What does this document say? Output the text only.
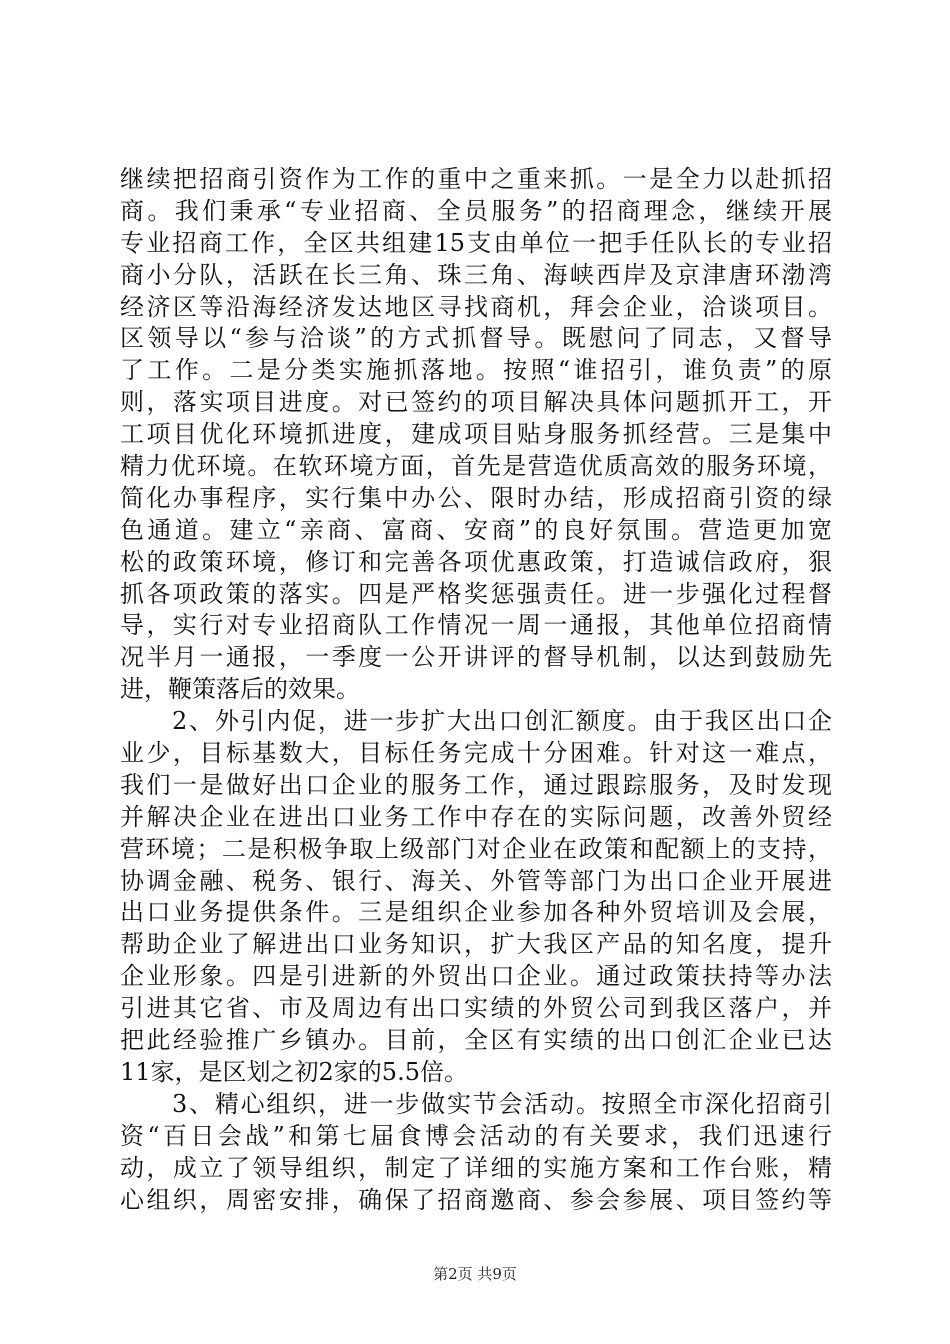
继续把招商引资作为工作的重中之重来抓。一是全力以赴抓招
商。我们秉承“专业招商、全员服务”的招商理念，继续开展
专业招商工作，全区共组建15支由单位一把手任队长的专业招
商小分队，活跃在长三角、珠三角、海峡西岸及京津唐环渤湾
经济区等沿海经济发达地区寻找商机，拜会企业，洽谈项目。
区领导以“参与洽谈”的方式抓督导。既慰问了同志，又督导
了工作。二是分类实施抓落地。按照“谁招引，谁负责”的原
则，落实项目进度。对已签约的项目解决具体问题抓开工，开
工项目优化环境抓进度，建成项目贴身服务抓经营。三是集中
精力优环境。在软环境方面，首先是营造优质高效的服务环境，
简化办事程序，实行集中办公、限时办结，形成招商引资的绿
色通道。建立“亲商、富商、安商”的良好氛围。营造更加宽
松的政策环境，修订和完善各项优惠政策，打造诚信政府，狠
抓各项政策的落实。四是严格奖惩强责任。进一步强化过程督
导，实行对专业招商队工作情况一周一通报，其他单位招商情
况半月一通报，一季度一公开讲评的督导机制，以达到鼓励先
进，鞭策落后的效果。
2、外引内促，进一步扩大出口创汇额度。由于我区出口企
业少，目标基数大，目标任务完成十分困难。针对这一难点，
我们一是做好出口企业的服务工作，通过跟踪服务，及时发现
并解决企业在进出口业务工作中存在的实际问题，改善外贸经
营环境；二是积极争取上级部门对企业在政策和配额上的支持，
协调金融、税务、银行、海关、外管等部门为出口企业开展进
出口业务提供条件。三是组织企业参加各种外贸培训及会展，
帮助企业了解进出口业务知识，扩大我区产品的知名度，提升
企业形象。四是引进新的外贸出口企业。通过政策扶持等办法
引进其它省、市及周边有出口实绩的外贸公司到我区落户，并
把此经验推广乡镇办。目前，全区有实绩的出口创汇企业已达
11家，是区划之初2家的5.5倍。
3、精心组织，进一步做实节会活动。按照全市深化招商引
资“百日会战”和第七届食博会活动的有关要求，我们迅速行
动，成立了领导组织，制定了详细的实施方案和工作台账，精
心组织，周密安排，确保了招商邀商、参会参展、项目签约等
第2页 共9页
